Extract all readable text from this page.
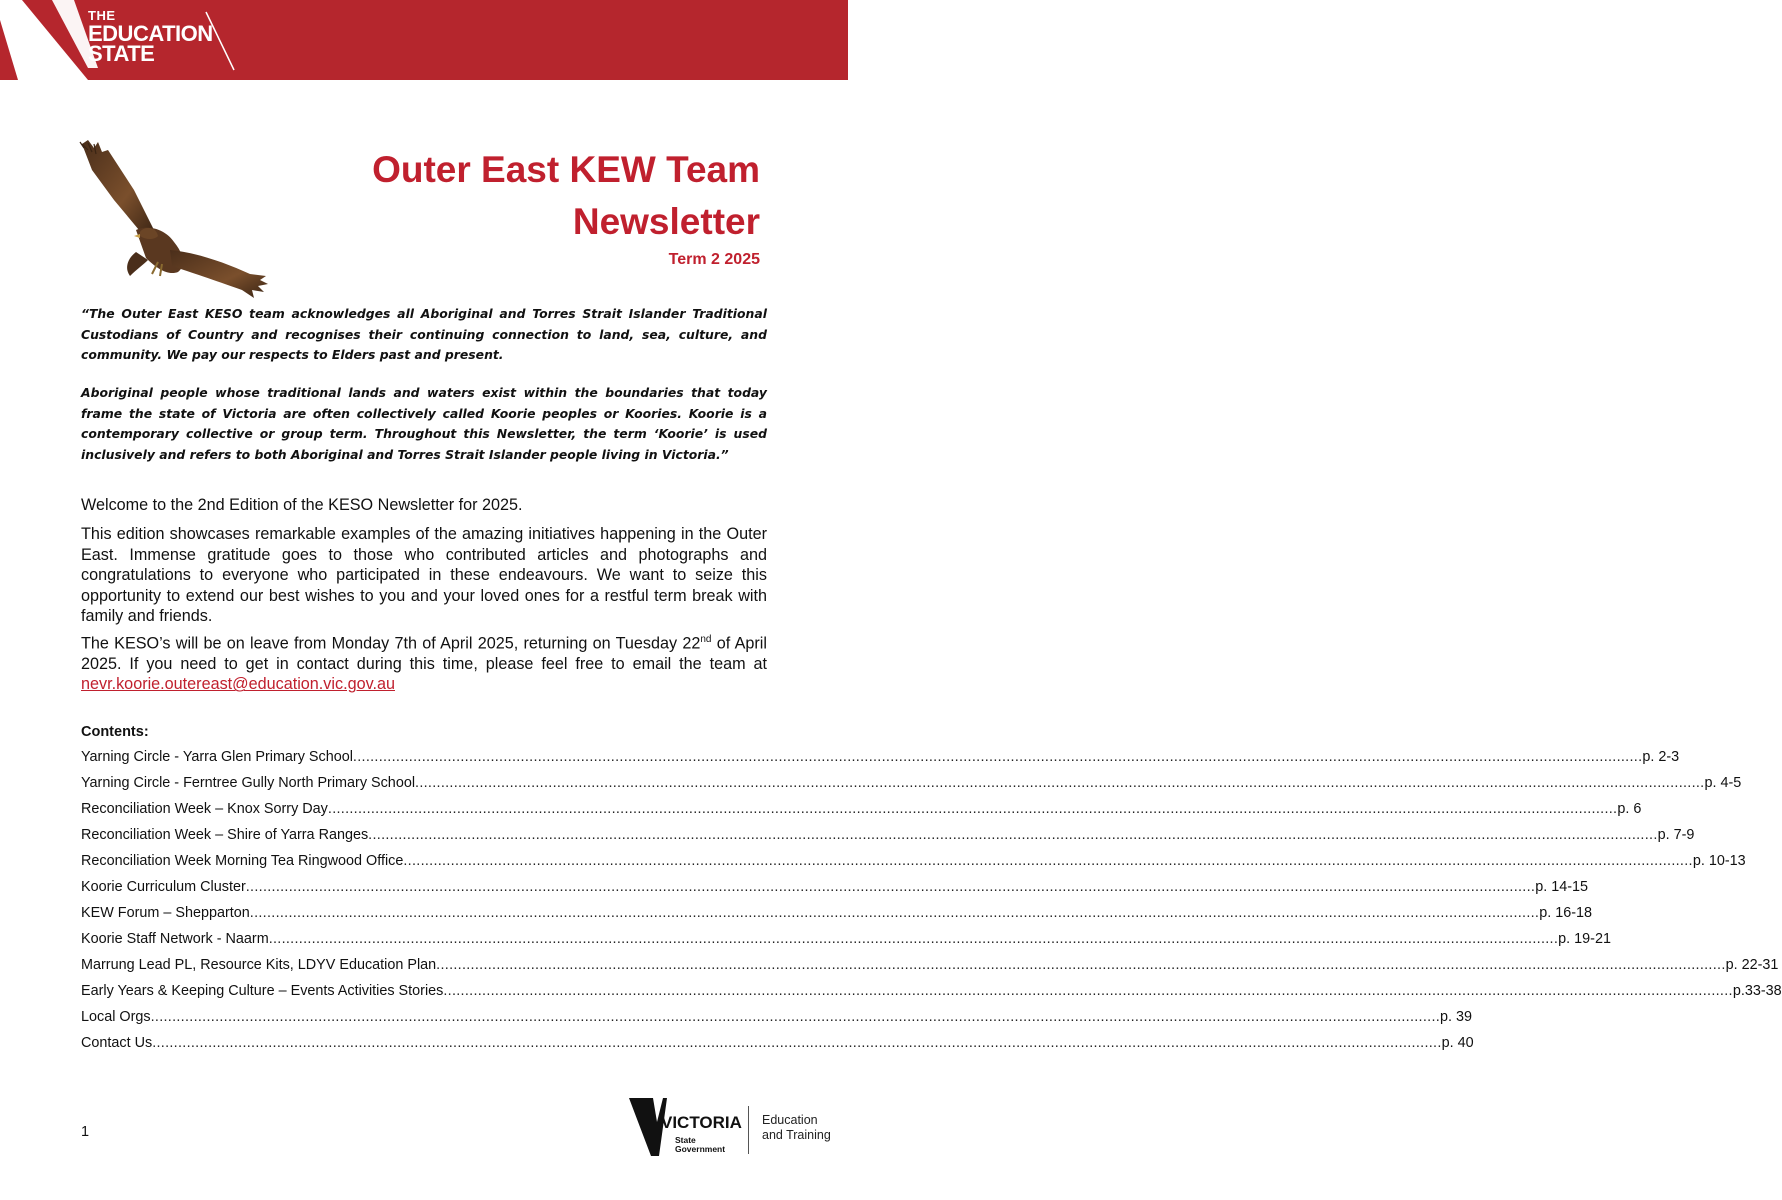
THE
EDUCATION
STATE
Outer East KEW Team
Newsletter
Term 2 2025

“The Outer East KESO team acknowledges all Aboriginal and Torres Strait Islander Traditional Custodians of Country and recognises their continuing connection to land, sea, culture, and community. We pay our respects to Elders past and present.

Aboriginal people whose traditional lands and waters exist within the boundaries that today frame the state of Victoria are often collectively called Koorie peoples or Koories. Koorie is a contemporary collective or group term. Throughout this Newsletter, the term ‘Koorie’ is used inclusively and refers to both Aboriginal and Torres Strait Islander people living in Victoria.”

Welcome to the 2nd Edition of the KESO Newsletter for 2025.

This edition showcases remarkable examples of the amazing initiatives happening in the Outer East. Immense gratitude goes to those who contributed articles and photographs and congratulations to everyone who participated in these endeavours. We want to seize this opportunity to extend our best wishes to you and your loved ones for a restful term break with family and friends.

The KESO’s will be on leave from Monday 7th of April 2025, returning on Tuesday 22nd of April 2025. If you need to get in contact during this time, please feel free to email the team at nevr.koorie.outereast@education.vic.gov.au

Contents:
Yarning Circle - Yarra Glen Primary School ............................................................................................................................................................................................................................................................................................................ p. 2-3
Yarning Circle - Ferntree Gully North Primary School ............................................................................................................................................................................................................................................................................................................ p. 4-5
Reconciliation Week – Knox Sorry Day ............................................................................................................................................................................................................................................................................................................ p. 6
Reconciliation Week – Shire of Yarra Ranges ............................................................................................................................................................................................................................................................................................................ p. 7-9
Reconciliation Week Morning Tea Ringwood Office ............................................................................................................................................................................................................................................................................................................ p. 10-13
Koorie Curriculum Cluster ............................................................................................................................................................................................................................................................................................................ p. 14-15
KEW Forum – Shepparton ............................................................................................................................................................................................................................................................................................................ p. 16-18
Koorie Staff Network - Naarm ............................................................................................................................................................................................................................................................................................................ p. 19-21
Marrung Lead PL, Resource Kits, LDYV Education Plan ............................................................................................................................................................................................................................................................................................................ p. 22-31
Early Years & Keeping Culture – Events Activities Stories ............................................................................................................................................................................................................................................................................................................ p.33-38
Local Orgs ............................................................................................................................................................................................................................................................................................................ p. 39
Contact Us ............................................................................................................................................................................................................................................................................................................ p. 40
1	VICTORIA
State
Government
Education
and Training
